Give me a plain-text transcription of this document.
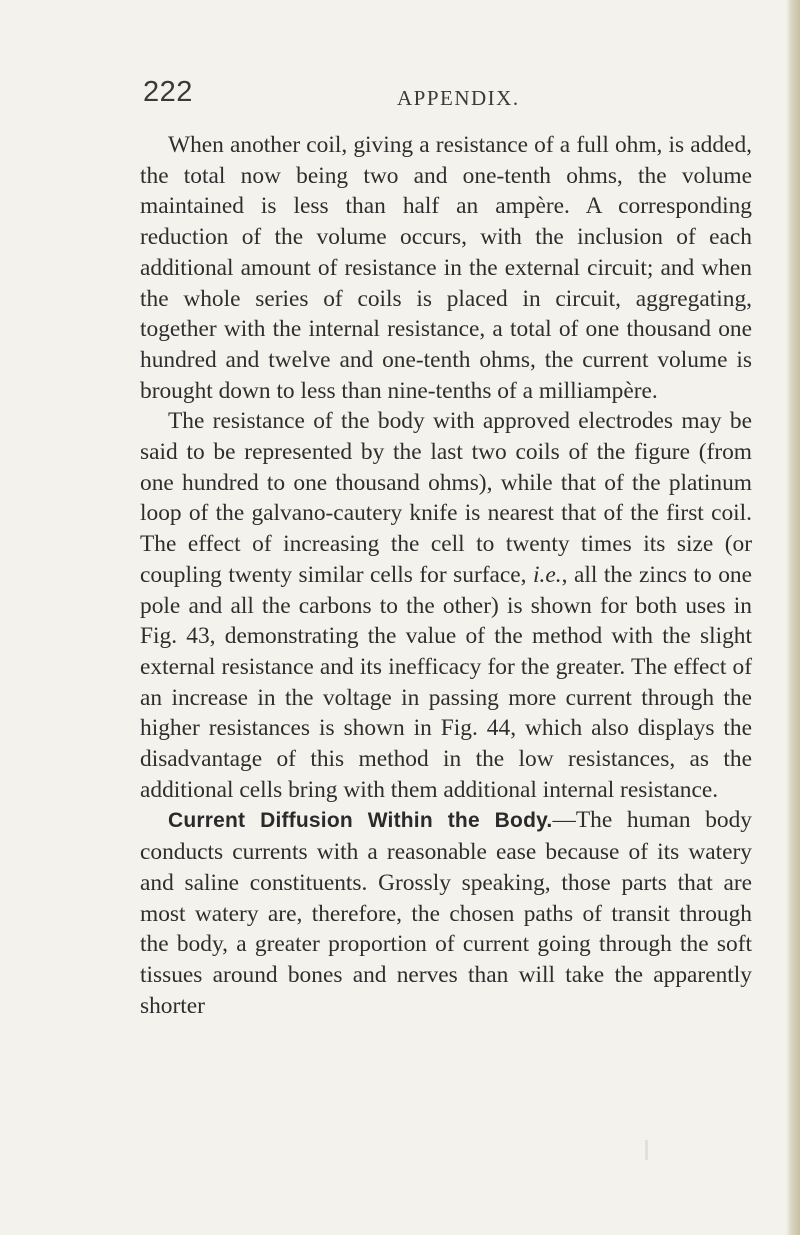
222	APPENDIX.

When another coil, giving a resistance of a full ohm, is added, the total now being two and one-tenth ohms, the volume maintained is less than half an ampère. A corresponding reduction of the volume occurs, with the inclusion of each additional amount of resistance in the external circuit; and when the whole series of coils is placed in circuit, aggregating, together with the internal resistance, a total of one thousand one hundred and twelve and one-tenth ohms, the current volume is brought down to less than nine-tenths of a milliampère.

The resistance of the body with approved electrodes may be said to be represented by the last two coils of the figure (from one hundred to one thousand ohms), while that of the platinum loop of the galvano-cautery knife is nearest that of the first coil. The effect of increasing the cell to twenty times its size (or coupling twenty similar cells for surface, i.e., all the zincs to one pole and all the carbons to the other) is shown for both uses in Fig. 43, demonstrating the value of the method with the slight external resistance and its inefficacy for the greater. The effect of an increase in the voltage in passing more current through the higher resistances is shown in Fig. 44, which also displays the disadvantage of this method in the low resistances, as the additional cells bring with them additional internal resistance.

Current Diffusion Within the Body.—The human body conducts currents with a reasonable ease because of its watery and saline constituents. Grossly speaking, those parts that are most watery are, therefore, the chosen paths of transit through the body, a greater proportion of current going through the soft tissues around bones and nerves than will take the apparently shorter
